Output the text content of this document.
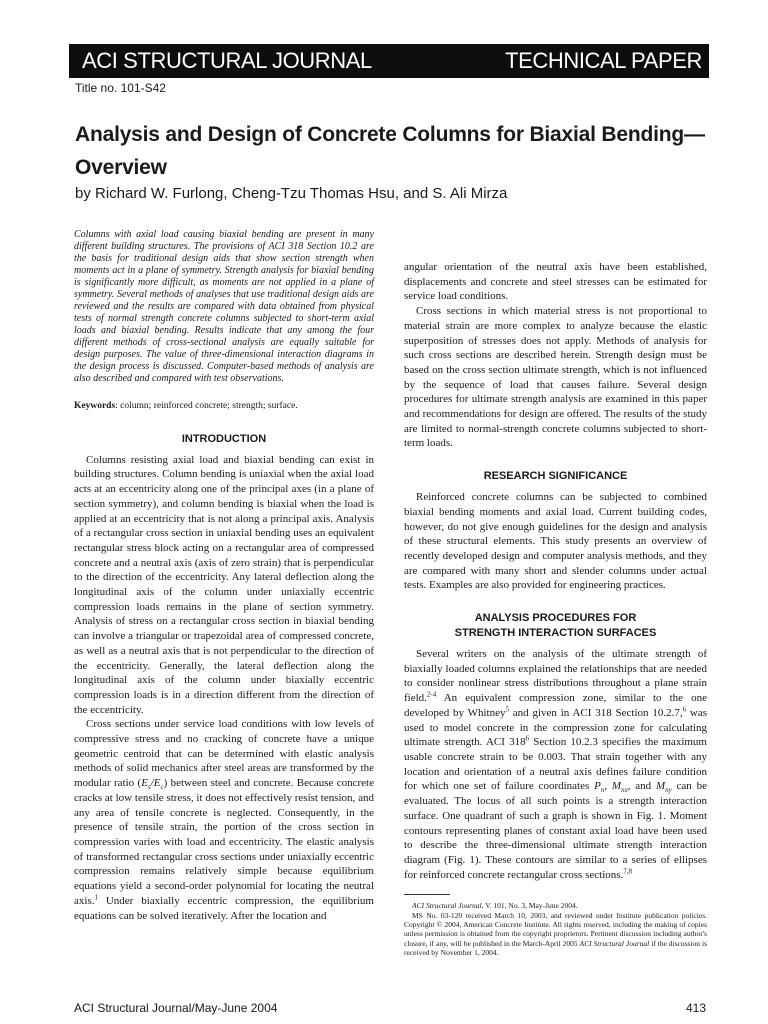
ACI STRUCTURAL JOURNAL	TECHNICAL PAPER
Title no. 101-S42
Analysis and Design of Concrete Columns for Biaxial Bending—Overview
by Richard W. Furlong, Cheng-Tzu Thomas Hsu, and S. Ali Mirza

Columns with axial load causing biaxial bending are present in many different building structures. The provisions of ACI 318 Section 10.2 are the basis for traditional design aids that show section strength when moments act in a plane of symmetry. Strength analysis for biaxial bending is significantly more difficult, as moments are not applied in a plane of symmetry. Several methods of analyses that use traditional design aids are reviewed and the results are compared with data obtained from physical tests of normal strength concrete columns subjected to short-term axial loads and biaxial bending. Results indicate that any among the four different methods of cross-sectional analysis are equally suitable for design purposes. The value of three-dimensional interaction diagrams in the design process is discussed. Computer-based methods of analysis are also described and compared with test observations.

Keywords: column; reinforced concrete; strength; surface.

INTRODUCTION

Columns resisting axial load and biaxial bending can exist in building structures. Column bending is uniaxial when the axial load acts at an eccentricity along one of the principal axes (in a plane of section symmetry), and column bending is biaxial when the load is applied at an eccentricity that is not along a principal axis. Analysis of a rectangular cross section in uniaxial bending uses an equivalent rectangular stress block acting on a rectangular area of compressed concrete and a neutral axis (axis of zero strain) that is perpendicular to the direction of the eccentricity. Any lateral deflection along the longitudinal axis of the column under uniaxially eccentric compression loads remains in the plane of section symmetry. Analysis of stress on a rectangular cross section in biaxial bending can involve a triangular or trapezoidal area of compressed concrete, as well as a neutral axis that is not perpendicular to the direction of the eccentricity. Generally, the lateral deflection along the longitudinal axis of the column under biaxially eccentric compression loads is in a direction different from the direction of the eccentricity.

Cross sections under service load conditions with low levels of compressive stress and no cracking of concrete have a unique geometric centroid that can be determined with elastic analysis methods of solid mechanics after steel areas are transformed by the modular ratio $(E_s/E_c)$ between steel and concrete. Because concrete cracks at low tensile stress, it does not effectively resist tension, and any area of tensile concrete is neglected. Consequently, in the presence of tensile strain, the portion of the cross section in compression varies with load and eccentricity. The elastic analysis of transformed rectangular cross sections under uniaxially eccentric compression remains relatively simple because equilibrium equations yield a second-order polynomial for locating the neutral axis.$^1$ Under biaxially eccentric compression, the equilibrium equations can be solved iteratively. After the location and

angular orientation of the neutral axis have been established, displacements and concrete and steel stresses can be estimated for service load conditions.

Cross sections in which material stress is not proportional to material strain are more complex to analyze because the elastic superposition of stresses does not apply. Methods of analysis for such cross sections are described herein. Strength design must be based on the cross section ultimate strength, which is not influenced by the sequence of load that causes failure. Several design procedures for ultimate strength analysis are examined in this paper and recommendations for design are offered. The results of the study are limited to normal-strength concrete columns subjected to short-term loads.

RESEARCH SIGNIFICANCE

Reinforced concrete columns can be subjected to combined biaxial bending moments and axial load. Current building codes, however, do not give enough guidelines for the design and analysis of these structural elements. This study presents an overview of recently developed design and computer analysis methods, and they are compared with many short and slender columns under actual tests. Examples are also provided for engineering practices.

ANALYSIS PROCEDURES FOR
STRENGTH INTERACTION SURFACES

Several writers on the analysis of the ultimate strength of biaxially loaded columns explained the relationships that are needed to consider nonlinear stress distributions throughout a plane strain field.$^{2-4}$ An equivalent compression zone, similar to the one developed by Whitney$^5$ and given in ACI 318 Section 10.2.7,$^6$ was used to model concrete in the compression zone for calculating ultimate strength. ACI $318^6$ Section 10.2.3 specifies the maximum usable concrete strain to be 0.003. That strain together with any location and orientation of a neutral axis defines failure condition for which one set of failure coordinates $P_n$, $M_{nx}$, and $M_{ny}$ can be evaluated. The locus of all such points is a strength interaction surface. One quadrant of such a graph is shown in Fig. 1. Moment contours representing planes of constant axial load have been used to describe the three-dimensional ultimate strength interaction diagram (Fig. 1). These contours are similar to a series of ellipses for reinforced concrete rectangular cross sections.$^{7,8}$

ACI Structural Journal, V. 101, No. 3, May-June 2004.

MS No. 03-120 received March 10, 2003, and reviewed under Institute publication policies. Copyright © 2004, American Concrete Institute. All rights reserved, including the making of copies unless permission is obtained from the copyright proprietors. Pertinent discussion including author's closure, if any, will be published in the March-April 2005 ACI Structural Journal if the discussion is received by November 1, 2004.

ACI Structural Journal/May-June 2004	413
